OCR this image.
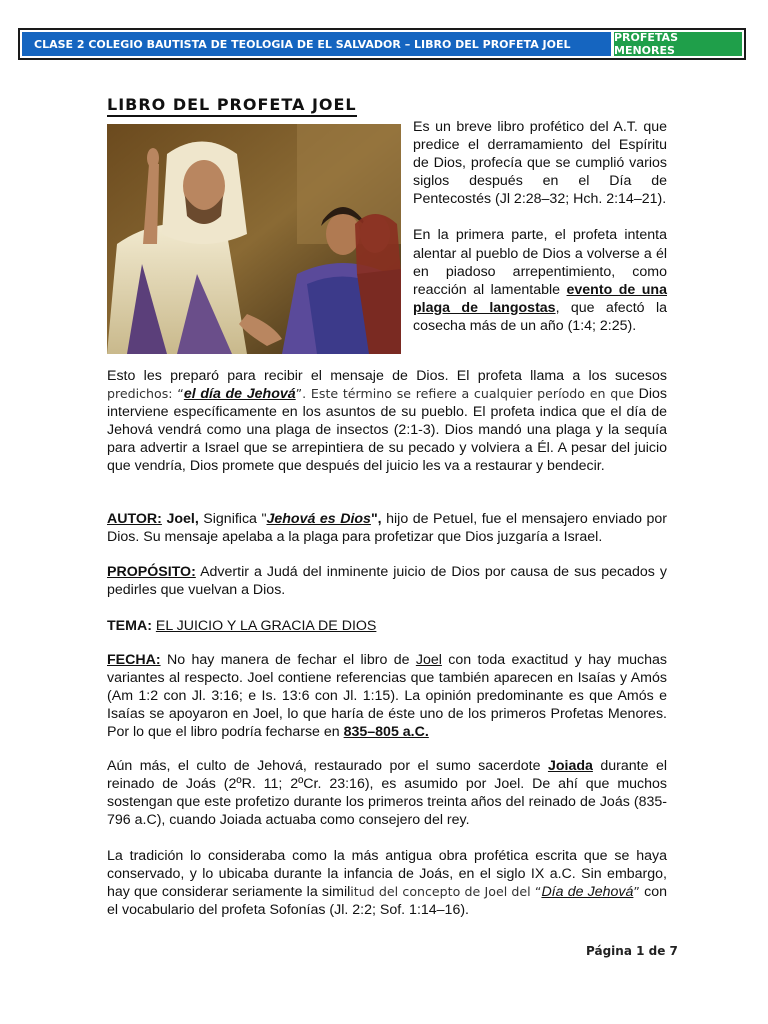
CLASE 2 COLEGIO BAUTISTA DE TEOLOGIA DE EL SALVADOR – LIBRO DEL PROFETA JOEL	PROFETAS MENORES
LIBRO DEL PROFETA JOEL

Es un breve libro profético del A.T. que predice el derramamiento del Espíritu de Dios, profecía que se cumplió varios siglos después en el Día de Pentecostés (Jl 2:28–32; Hch. 2:14–21).

En la primera parte, el profeta intenta alentar al pueblo de Dios a volverse a él en piadoso arrepentimiento, como reacción al lamentable evento de una plaga de langostas, que afectó la cosecha más de un año (1:4; 2:25).

Esto les preparó para recibir el mensaje de Dios. El profeta llama a los sucesos predichos: “el día de Jehová”. Este término se refiere a cualquier período en que Dios interviene específicamente en los asuntos de su pueblo. El profeta indica que el día de Jehová vendrá como una plaga de insectos (2:1-3). Dios mandó una plaga y la sequía para advertir a Israel que se arrepintiera de su pecado y volviera a Él. A pesar del juicio que vendría, Dios promete que después del juicio les va a restaurar y bendecir.

AUTOR: Joel, Significa "Jehová es Dios", hijo de Petuel, fue el mensajero enviado por Dios. Su mensaje apelaba a la plaga para profetizar que Dios juzgaría a Israel.

PROPÓSITO: Advertir a Judá del inminente juicio de Dios por causa de sus pecados y pedirles que vuelvan a Dios.

TEMA: EL JUICIO Y LA GRACIA DE DIOS

FECHA: No hay manera de fechar el libro de Joel con toda exactitud y hay muchas variantes al respecto. Joel contiene referencias que también aparecen en Isaías y Amós (Am 1:2 con Jl. 3:16; e Is. 13:6 con Jl. 1:15). La opinión predominante es que Amós e Isaías se apoyaron en Joel, lo que haría de éste uno de los primeros Profetas Menores. Por lo que el libro podría fecharse en 835–805 a.C.

Aún más, el culto de Jehová, restaurado por el sumo sacerdote Joiada durante el reinado de Joás (2ºR. 11; 2ºCr. 23:16), es asumido por Joel. De ahí que muchos sostengan que este profetizo durante los primeros treinta años del reinado de Joás (835-796 a.C), cuando Joiada actuaba como consejero del rey.

La tradición lo consideraba como la más antigua obra profética escrita que se haya conservado, y lo ubicaba durante la infancia de Joás, en el siglo IX a.C. Sin embargo, hay que considerar seriamente la similitud del concepto de Joel del “Día de Jehová” con el vocabulario del profeta Sofonías (Jl. 2:2; Sof. 1:14–16).

Página 1 de 7
